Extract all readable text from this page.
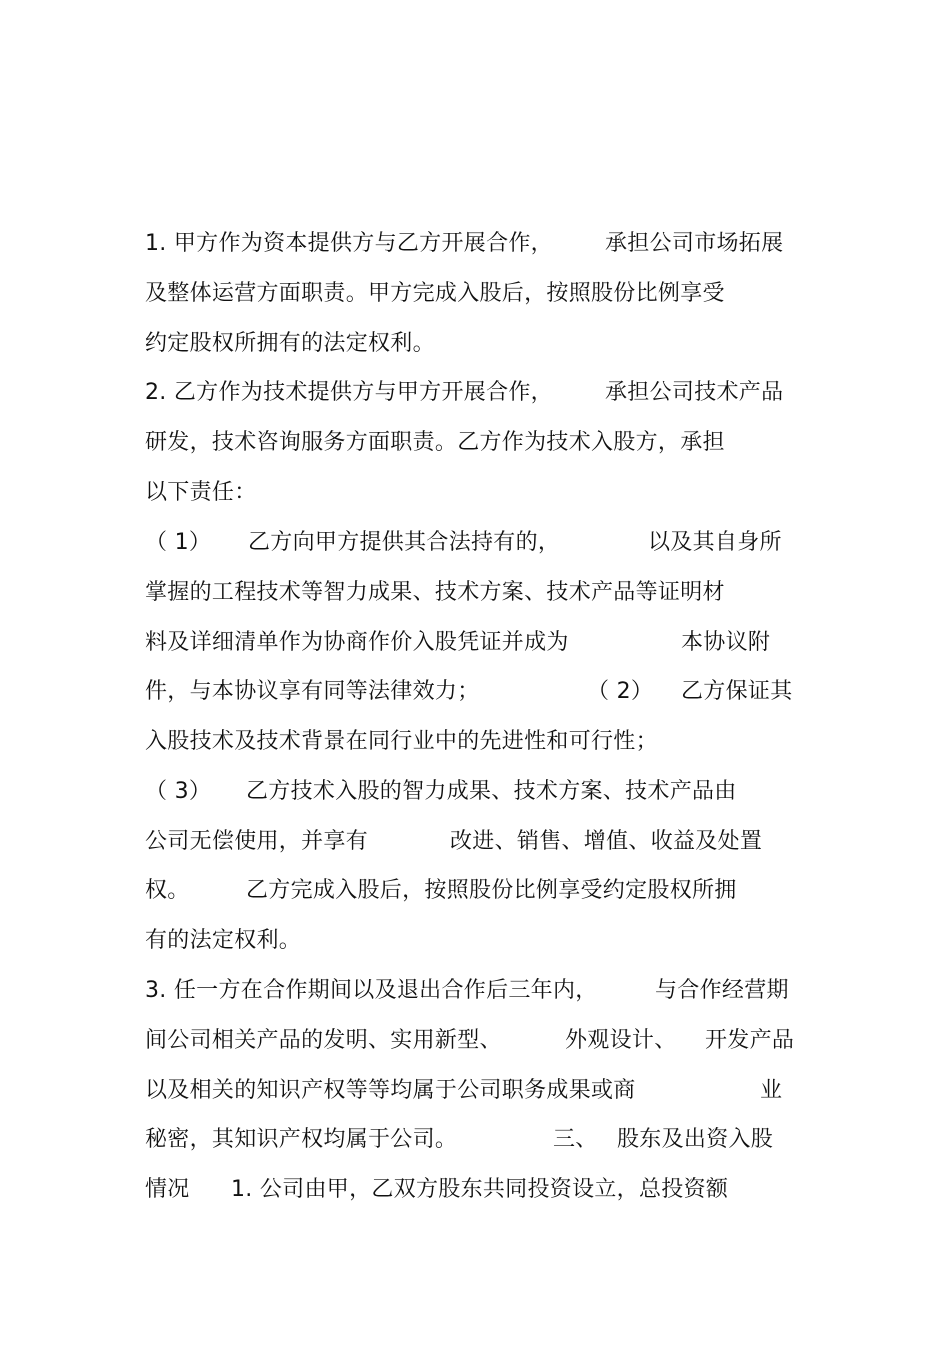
1. 甲方作为资本提供方与乙方开展合作， 承担公司市场拓展
及整体运营方面职责。甲方完成入股后，按照股份比例享受
约定股权所拥有的法定权利。
2. 乙方作为技术提供方与甲方开展合作， 承担公司技术产品
研发，技术咨询服务方面职责。乙方作为技术入股方，承担
以下责任：
（ 1） 乙方向甲方提供其合法持有的，	以及其自身所
掌握的工程技术等智力成果、技术方案、技术产品等证明材
料及详细清单作为协商作价入股凭证并成为	本协议附
件，与本协议享有同等法律效力；	（ 2） 乙方保证其
入股技术及技术背景在同行业中的先进性和可行性；
（ 3） 乙方技术入股的智力成果、技术方案、技术产品由
公司无偿使用，并享有	改进、销售、增值、收益及处置
权。	乙方完成入股后，按照股份比例享受约定股权所拥
有的法定权利。
3. 任一方在合作期间以及退出合作后三年内，	与合作经营期
间公司相关产品的发明、实用新型、	外观设计、 开发产品
以及相关的知识产权等等均属于公司职务成果或商	业
秘密，其知识产权均属于公司。	三、 股东及出资入股
情况 1. 公司由甲，乙双方股东共同投资设立，总投资额
